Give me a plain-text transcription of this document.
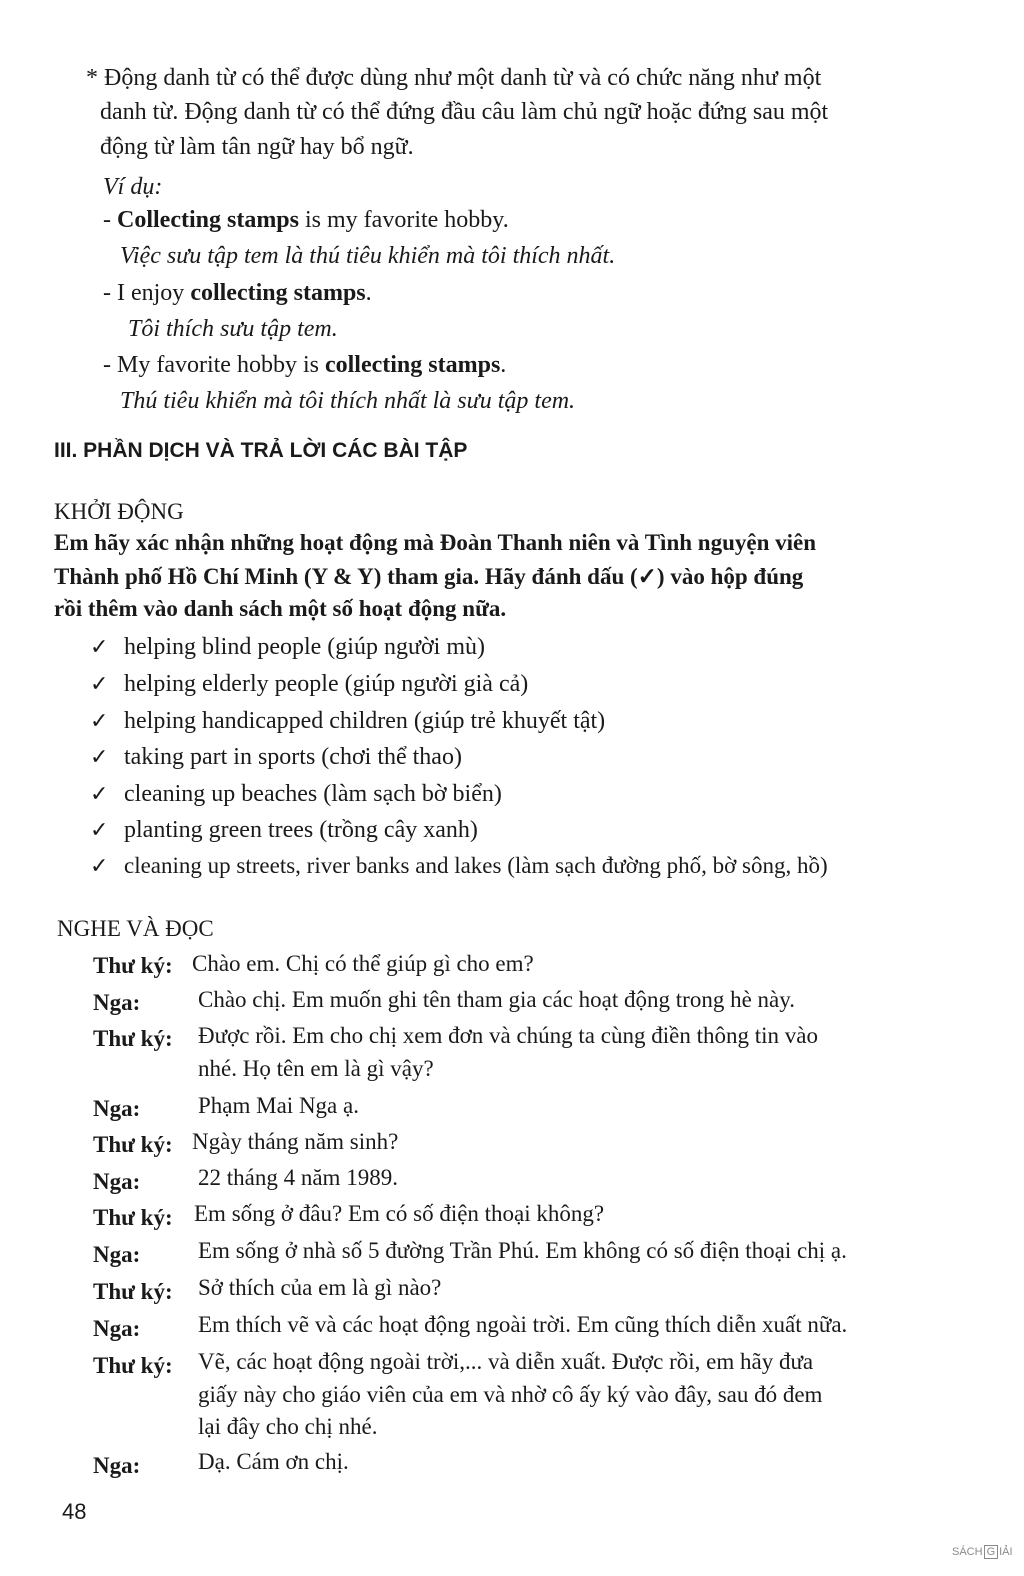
* Động danh từ có thể được dùng như một danh từ và có chức năng như một
danh từ. Động danh từ có thể đứng đầu câu làm chủ ngữ hoặc đứng sau một
động từ làm tân ngữ hay bổ ngữ.
Ví dụ:
- Collecting stamps is my favorite hobby.
Việc sưu tập tem là thú tiêu khiển mà tôi thích nhất.
- I enjoy collecting stamps.
Tôi thích sưu tập tem.
- My favorite hobby is collecting stamps.
Thú tiêu khiển mà tôi thích nhất là sưu tập tem.
III. PHẦN DỊCH VÀ TRẢ LỜI CÁC BÀI TẬP
KHỞI ĐỘNG
Em hãy xác nhận những hoạt động mà Đoàn Thanh niên và Tình nguyện viên
Thành phố Hồ Chí Minh (Y & Y) tham gia. Hãy đánh dấu (✓) vào hộp đúng
rồi thêm vào danh sách một số hoạt động nữa.
✓ helping blind people (giúp người mù)
✓ helping elderly people (giúp người già cả)
✓ helping handicapped children (giúp trẻ khuyết tật)
✓ taking part in sports (chơi thể thao)
✓ cleaning up beaches (làm sạch bờ biển)
✓ planting green trees (trồng cây xanh)
✓ cleaning up streets, river banks and lakes (làm sạch đường phố, bờ sông, hồ)
NGHE VÀ ĐỌC
Thư ký: Chào em. Chị có thể giúp gì cho em?
Nga:	Chào chị. Em muốn ghi tên tham gia các hoạt động trong hè này.
Thư ký: Được rồi. Em cho chị xem đơn và chúng ta cùng điền thông tin vào
nhé. Họ tên em là gì vậy?
Nga:	Phạm Mai Nga ạ.
Thư ký: Ngày tháng năm sinh?
Nga:	22 tháng 4 năm 1989.
Thư ký: Em sống ở đâu? Em có số điện thoại không?
Nga:	Em sống ở nhà số 5 đường Trần Phú. Em không có số điện thoại chị ạ.
Thư ký: Sở thích của em là gì nào?
Nga:	Em thích vẽ và các hoạt động ngoài trời. Em cũng thích diễn xuất nữa.
Thư ký: Vẽ, các hoạt động ngoài trời,... và diễn xuất. Được rồi, em hãy đưa
giấy này cho giáo viên của em và nhờ cô ấy ký vào đây, sau đó đem
lại đây cho chị nhé.
Nga:	Dạ. Cám ơn chị.
48
SÁCH G IẢI
